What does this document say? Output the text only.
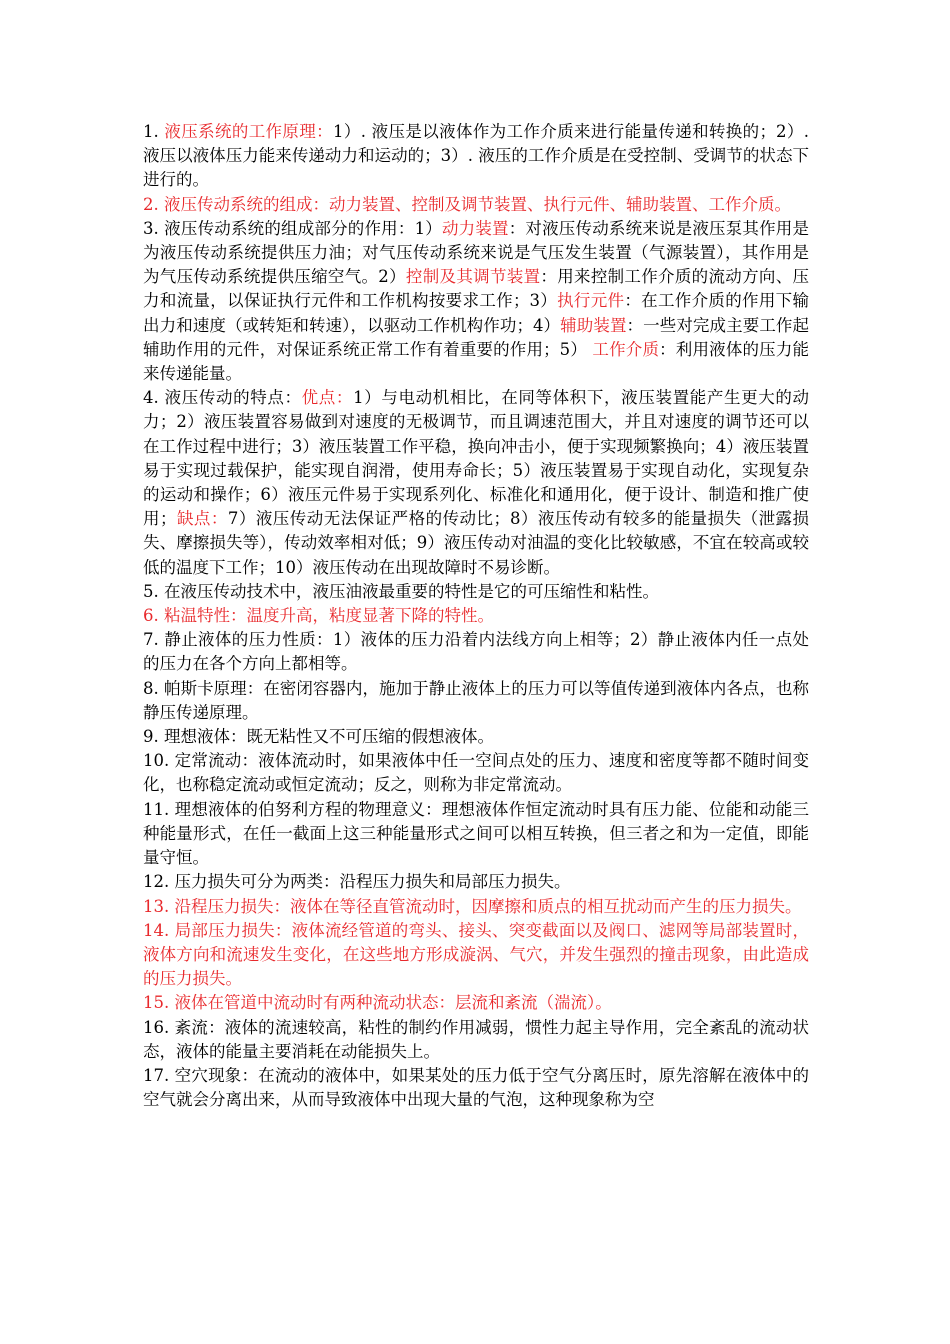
1. 液压系统的工作原理：1）. 液压是以液体作为工作介质来进行能量传递和转换的；2）. 液压以液体压力能来传递动力和运动的；3）. 液压的工作介质是在受控制、受调节的状态下进行的。

2. 液压传动系统的组成：动力装置、控制及调节装置、执行元件、辅助装置、工作介质。

3. 液压传动系统的组成部分的作用：1）动力装置：对液压传动系统来说是液压泵其作用是为液压传动系统提供压力油；对气压传动系统来说是气压发生装置（气源装置），其作用是为气压传动系统提供压缩空气。2）控制及其调节装置：用来控制工作介质的流动方向、压力和流量，以保证执行元件和工作机构按要求工作；3）执行元件：在工作介质的作用下输出力和速度（或转矩和转速），以驱动工作机构作功；4）辅助装置：一些对完成主要工作起辅助作用的元件，对保证系统正常工作有着重要的作用；5） 工作介质：利用液体的压力能来传递能量。

4. 液压传动的特点：优点：1）与电动机相比，在同等体积下，液压装置能产生更大的动力；2）液压装置容易做到对速度的无极调节，而且调速范围大，并且对速度的调节还可以在工作过程中进行；3）液压装置工作平稳，换向冲击小，便于实现频繁换向；4）液压装置易于实现过载保护，能实现自润滑，使用寿命长；5）液压装置易于实现自动化，实现复杂的运动和操作；6）液压元件易于实现系列化、标准化和通用化，便于设计、制造和推广使用；缺点：7）液压传动无法保证严格的传动比；8）液压传动有较多的能量损失（泄露损失、摩擦损失等），传动效率相对低；9）液压传动对油温的变化比较敏感，不宜在较高或较低的温度下工作；10）液压传动在出现故障时不易诊断。

5. 在液压传动技术中，液压油液最重要的特性是它的可压缩性和粘性。

6. 粘温特性：温度升高，粘度显著下降的特性。

7. 静止液体的压力性质：1）液体的压力沿着内法线方向上相等；2）静止液体内任一点处的压力在各个方向上都相等。

8. 帕斯卡原理：在密闭容器内，施加于静止液体上的压力可以等值传递到液体内各点，也称静压传递原理。

9. 理想液体：既无粘性又不可压缩的假想液体。

10. 定常流动：液体流动时，如果液体中任一空间点处的压力、速度和密度等都不随时间变化，也称稳定流动或恒定流动；反之，则称为非定常流动。

11. 理想液体的伯努利方程的物理意义：理想液体作恒定流动时具有压力能、位能和动能三种能量形式，在任一截面上这三种能量形式之间可以相互转换，但三者之和为一定值，即能量守恒。

12. 压力损失可分为两类：沿程压力损失和局部压力损失。

13. 沿程压力损失：液体在等径直管流动时，因摩擦和质点的相互扰动而产生的压力损失。

14. 局部压力损失：液体流经管道的弯头、接头、突变截面以及阀口、滤网等局部装置时，液体方向和流速发生变化，在这些地方形成漩涡、气穴，并发生强烈的撞击现象，由此造成的压力损失。

15. 液体在管道中流动时有两种流动状态：层流和紊流（湍流）。

16. 紊流：液体的流速较高，粘性的制约作用减弱，惯性力起主导作用，完全紊乱的流动状态，液体的能量主要消耗在动能损失上。

17. 空穴现象：在流动的液体中，如果某处的压力低于空气分离压时，原先溶解在液体中的空气就会分离出来，从而导致液体中出现大量的气泡，这种现象称为空
